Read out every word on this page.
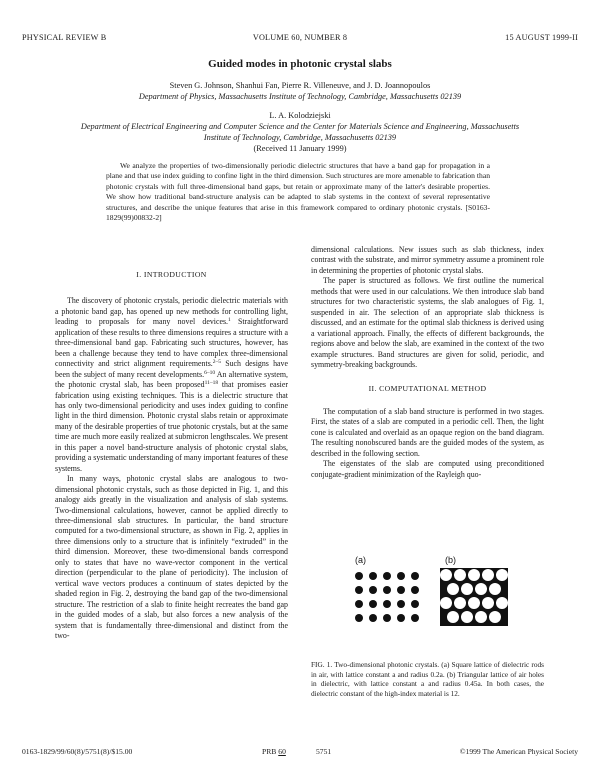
PHYSICAL REVIEW B	VOLUME 60, NUMBER 8	15 AUGUST 1999-II
Guided modes in photonic crystal slabs
Steven G. Johnson, Shanhui Fan, Pierre R. Villeneuve, and J. D. Joannopoulos
Department of Physics, Massachusetts Institute of Technology, Cambridge, Massachusetts 02139
L. A. Kolodziejski
Department of Electrical Engineering and Computer Science and the Center for Materials Science and Engineering, Massachusetts
Institute of Technology, Cambridge, Massachusetts 02139
(Received 11 January 1999)
We analyze the properties of two-dimensionally periodic dielectric structures that have a band gap for propagation in a plane and that use index guiding to confine light in the third dimension. Such structures are more amenable to fabrication than photonic crystals with full three-dimensional band gaps, but retain or approximate many of the latter's desirable properties. We show how traditional band-structure analysis can be adapted to slab systems in the context of several representative structures, and describe the unique features that arise in this framework compared to ordinary photonic crystals. [S0163-1829(99)00832-2]
I. INTRODUCTION

The discovery of photonic crystals, periodic dielectric materials with a photonic band gap, has opened up new methods for controlling light, leading to proposals for many novel devices.$^1$ Straightforward application of these results to three dimensions requires a structure with a three-dimensional band gap. Fabricating such structures, however, has been a challenge because they tend to have complex three-dimensional connectivity and strict alignment requirements.$^{2-5}$ Such designs have been the subject of many recent developments.$^{6-10}$ An alternative system, the photonic crystal slab, has been proposed$^{11-18}$ that promises easier fabrication using existing techniques. This is a dielectric structure that has only two-dimensional periodicity and uses index guiding to confine light in the third dimension. Photonic crystal slabs retain or approximate many of the desirable properties of true photonic crystals, but at the same time are much more easily realized at submicron lengthscales. We present in this paper a novel band-structure analysis of photonic crystal slabs, providing a systematic understanding of many important features of these systems.

In many ways, photonic crystal slabs are analogous to two-dimensional photonic crystals, such as those depicted in Fig. 1, and this analogy aids greatly in the visualization and analysis of slab systems. Two-dimensional calculations, however, cannot be applied directly to three-dimensional slab structures. In particular, the band structure computed for a two-dimensional structure, as shown in Fig. 2, applies in three dimensions only to a structure that is infinitely “extruded” in the third dimension. Moreover, these two-dimensional bands correspond only to states that have no wave-vector component in the vertical direction (perpendicular to the plane of periodicity). The inclusion of vertical wave vectors produces a continuum of states depicted by the shaded region in Fig. 2, destroying the band gap of the two-dimensional structure. The restriction of a slab to finite height recreates the band gap in the guided modes of a slab, but also forces a new analysis of the system that is fundamentally three-dimensional and distinct from the two-

dimensional calculations. New issues such as slab thickness, index contrast with the substrate, and mirror symmetry assume a prominent role in determining the properties of photonic crystal slabs.

The paper is structured as follows. We first outline the numerical methods that were used in our calculations. We then introduce slab band structures for two characteristic systems, the slab analogues of Fig. 1, suspended in air. The selection of an appropriate slab thickness is discussed, and an estimate for the optimal slab thickness is derived using a variational approach. Finally, the effects of different backgrounds, the regions above and below the slab, are examined in the context of the two example structures. Band structures are given for solid, periodic, and symmetry-breaking backgrounds.

II. COMPUTATIONAL METHOD

The computation of a slab band structure is performed in two stages. First, the states of a slab are computed in a periodic cell. Then, the light cone is calculated and overlaid as an opaque region on the band diagram. The resulting nonobscured bands are the guided modes of the system, as described in the following section.

The eigenstates of the slab are computed using preconditioned conjugate-gradient minimization of the Rayleigh quo-

(a)	(b)
FIG. 1. Two-dimensional photonic crystals. (a) Square lattice of dielectric rods in air, with lattice constant a and radius 0.2a. (b) Triangular lattice of air holes in dielectric, with lattice constant a and radius 0.45a. In both cases, the dielectric constant of the high-index material is 12.
0163-1829/99/60(8)/5751(8)/$15.00	PRB 60	5751	©1999 The American Physical Society
